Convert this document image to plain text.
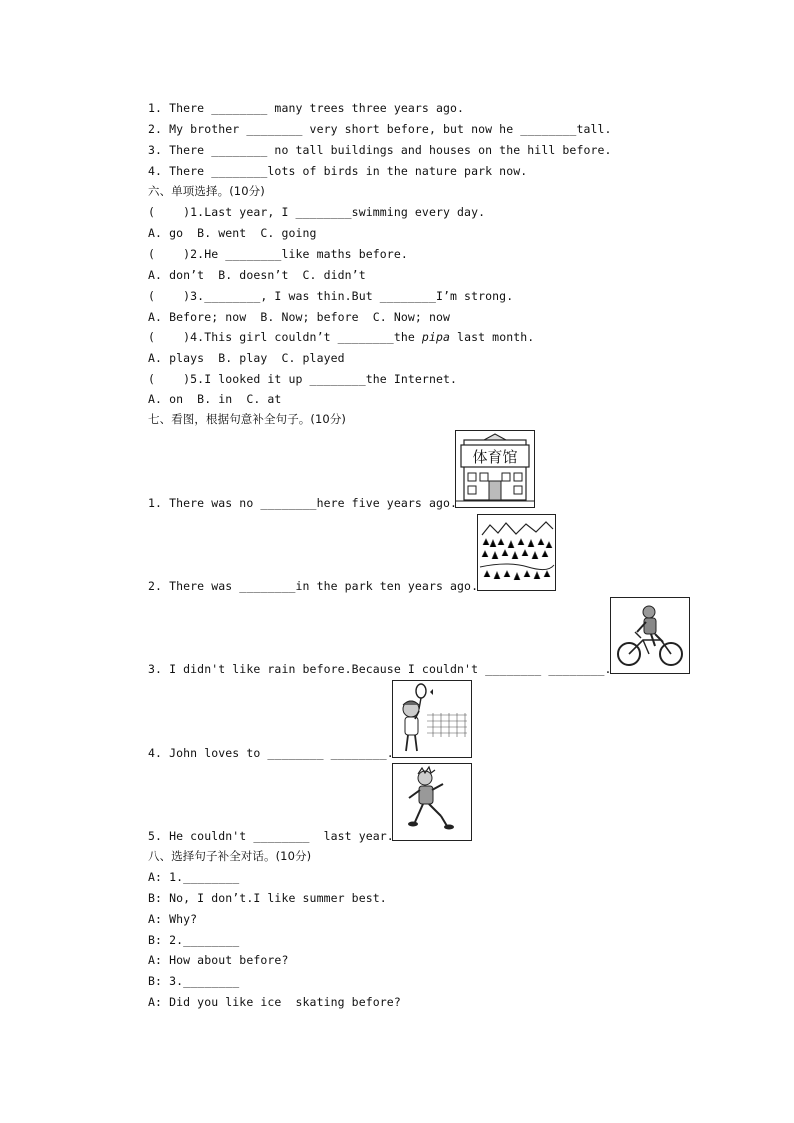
1. There ________ many trees three years ago.
2. My brother ________ very short before, but now he ________tall.
3. There ________ no tall buildings and houses on the hill before.
4. There ________lots of birds in the nature park now.
六、单项选择。(10分)
(    )1.Last year, I ________swimming every day.
A. go  B. went  C. going
(    )2.He ________like maths before.
A. don’t  B. doesn’t  C. didn’t
(    )3.________, I was thin.But ________I’m strong.
A. Before; now  B. Now; before  C. Now; now
(    )4.This girl couldn’t ________the pipa last month.
A. plays  B. play  C. played
(    )5.I looked it up ________the Internet.
A. on  B. in  C. at
七、看图，根据句意补全句子。(10分)
体育馆
1. There was no ________here five years ago.
2. There was ________in the park ten years ago.
3. I didn't like rain before.Because I couldn't ________ ________.
4. John loves to ________ ________.
5. He couldn't ________  last year.
八、选择句子补全对话。(10分)
A: 1.________
B: No, I don’t.I like summer best.
A: Why?
B: 2.________
A: How about before?
B: 3.________
A: Did you like ice  skating before?
